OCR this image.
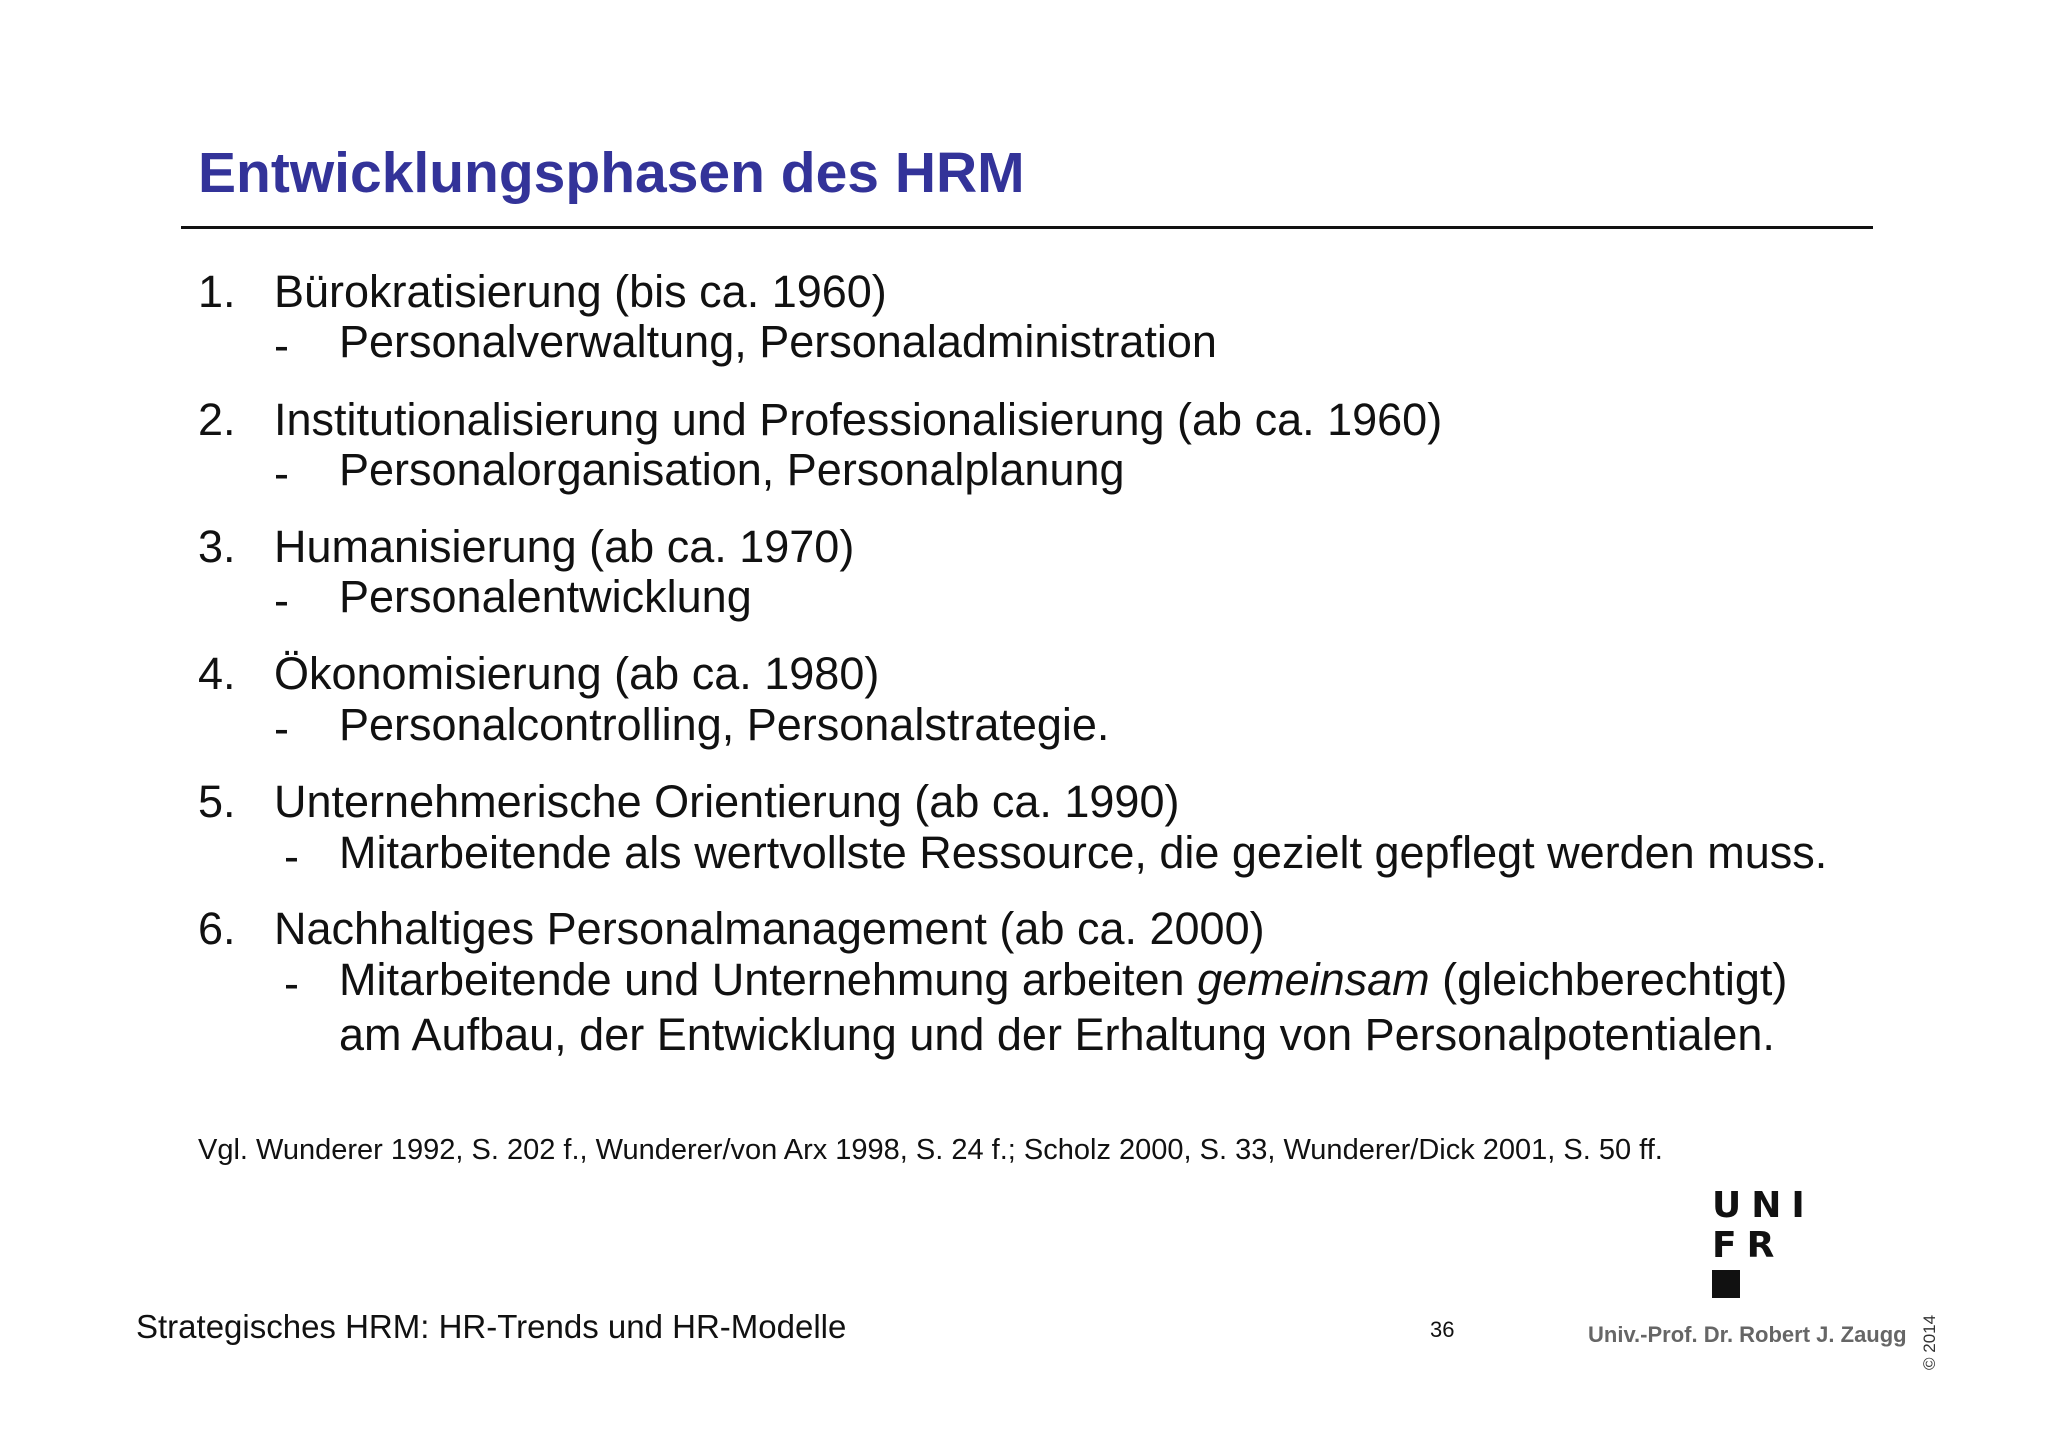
Entwicklungsphasen des HRM
1. Bürokratisierung (bis ca. 1960)
- Personalverwaltung, Personaladministration
2. Institutionalisierung und Professionalisierung (ab ca. 1960)
- Personalorganisation, Personalplanung
3. Humanisierung (ab ca. 1970)
- Personalentwicklung
4. Ökonomisierung (ab ca. 1980)
- Personalcontrolling, Personalstrategie.
5. Unternehmerische Orientierung (ab ca. 1990)
- Mitarbeitende als wertvollste Ressource, die gezielt gepflegt werden muss.
6. Nachhaltiges Personalmanagement (ab ca. 2000)
- Mitarbeitende und Unternehmung arbeiten gemeinsam (gleichberechtigt)
am Aufbau, der Entwicklung und der Erhaltung von Personalpotentialen.
Vgl. Wunderer 1992, S. 202 f., Wunderer/von Arx 1998, S. 24 f.; Scholz 2000, S. 33, Wunderer/Dick 2001, S. 50 ff.
UNI
FR
Strategisches HRM: HR-Trends und HR-Modelle	36	Univ.-Prof. Dr. Robert J. Zaugg © 2014
